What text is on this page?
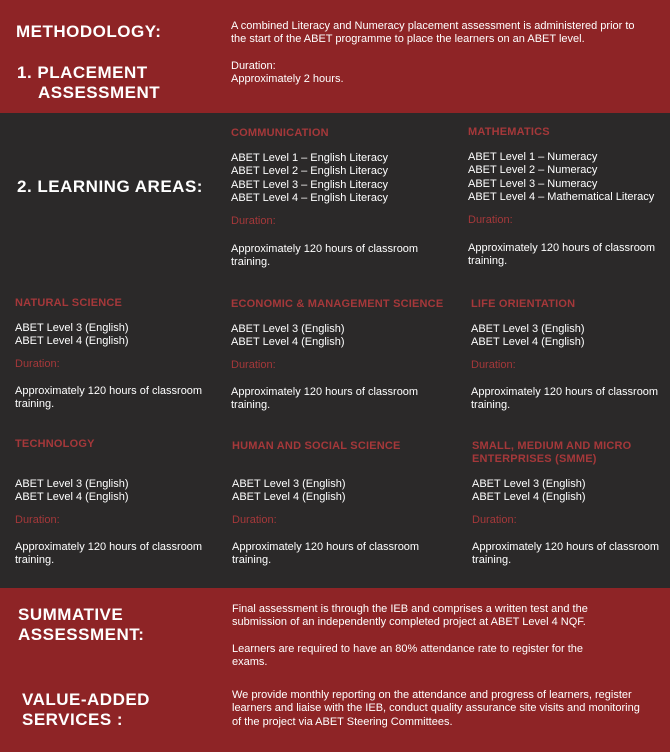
METHODOLOGY:

1. PLACEMENT

ASSESSMENT

A combined Literacy and Numeracy placement assessment is administered prior to the start of the ABET programme to place the learners on an ABET level.

Duration:

Approximately 2 hours.

2. LEARNING AREAS:

COMMUNICATION
ABET Level 1 – English Literacy
ABET Level 2 – English Literacy
ABET Level 3 – English Literacy
ABET Level 4 – English Literacy
Duration:
Approximately 120 hours of classroom training.
MATHEMATICS
ABET Level 1 – Numeracy
ABET Level 2 – Numeracy
ABET Level 3 – Numeracy
ABET Level 4 – Mathematical Literacy
Duration:
Approximately 120 hours of classroom training.
NATURAL SCIENCE
ABET Level 3 (English)
ABET Level 4 (English)
Duration:
Approximately 120 hours of classroom training.
ECONOMIC & MANAGEMENT SCIENCE
ABET Level 3 (English)
ABET Level 4 (English)
Duration:
Approximately 120 hours of classroom training.
LIFE ORIENTATION
ABET Level 3 (English)
ABET Level 4 (English)
Duration:
Approximately 120 hours of classroom training.
TECHNOLOGY
ABET Level 3 (English)
ABET Level 4 (English)
Duration:
Approximately 120 hours of classroom training.
HUMAN AND SOCIAL SCIENCE
ABET Level 3 (English)
ABET Level 4 (English)
Duration:
Approximately 120 hours of classroom training.
SMALL, MEDIUM AND MICRO
ENTERPRISES (SMME)
ABET Level 3 (English)
ABET Level 4 (English)
Duration:
Approximately 120 hours of classroom training.

SUMMATIVE

ASSESSMENT:

Final assessment is through the IEB and comprises a written test and the submission of an independently completed project at ABET Level 4 NQF.

Learners are required to have an 80% attendance rate to register for the exams.

VALUE-ADDED

SERVICES :

We provide monthly reporting on the attendance and progress of learners, register learners and liaise with the IEB, conduct quality assurance site visits and monitoring of the project via ABET Steering Committees.
